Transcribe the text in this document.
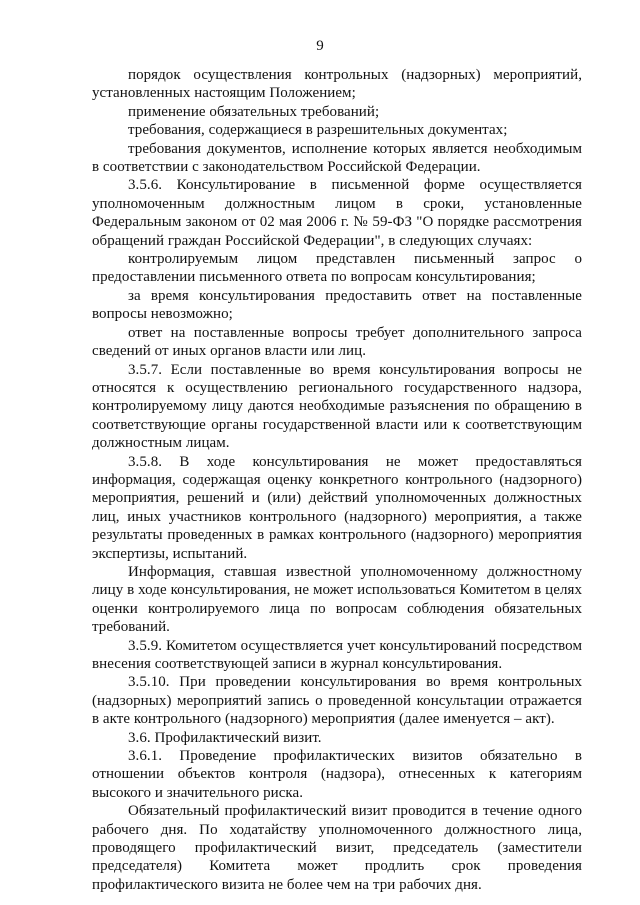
9

порядок осуществления контрольных (надзорных) мероприятий, установленных настоящим Положением;

применение обязательных требований;

требования, содержащиеся в разрешительных документах;

требования документов, исполнение которых является необходимым в соответствии с законодательством Российской Федерации.

3.5.6. Консультирование в письменной форме осуществляется уполномоченным должностным лицом в сроки, установленные Федеральным законом от 02 мая 2006 г. № 59-ФЗ "О порядке рассмотрения обращений граждан Российской Федерации", в следующих случаях:

контролируемым лицом представлен письменный запрос о предоставлении письменного ответа по вопросам консультирования;

за время консультирования предоставить ответ на поставленные вопросы невозможно;

ответ на поставленные вопросы требует дополнительного запроса сведений от иных органов власти или лиц.

3.5.7. Если поставленные во время консультирования вопросы не относятся к осуществлению регионального государственного надзора, контролируемому лицу даются необходимые разъяснения по обращению в соответствующие органы государственной власти или к соответствующим должностным лицам.

3.5.8. В ходе консультирования не может предоставляться информация, содержащая оценку конкретного контрольного (надзорного) мероприятия, решений и (или) действий уполномоченных должностных лиц, иных участников контрольного (надзорного) мероприятия, а также результаты проведенных в рамках контрольного (надзорного) мероприятия экспертизы, испытаний.

Информация, ставшая известной уполномоченному должностному лицу в ходе консультирования, не может использоваться Комитетом в целях оценки контролируемого лица по вопросам соблюдения обязательных требований.

3.5.9. Комитетом осуществляется учет консультирований посредством внесения соответствующей записи в журнал консультирования.

3.5.10. При проведении консультирования во время контрольных (надзорных) мероприятий запись о проведенной консультации отражается в акте контрольного (надзорного) мероприятия (далее именуется – акт).

3.6. Профилактический визит.

3.6.1. Проведение профилактических визитов обязательно в отношении объектов контроля (надзора), отнесенных к категориям высокого и значительного риска.

Обязательный профилактический визит проводится в течение одного рабочего дня. По ходатайству уполномоченного должностного лица, проводящего профилактический визит, председатель (заместители председателя) Комитета может продлить срок проведения профилактического визита не более чем на три рабочих дня.
